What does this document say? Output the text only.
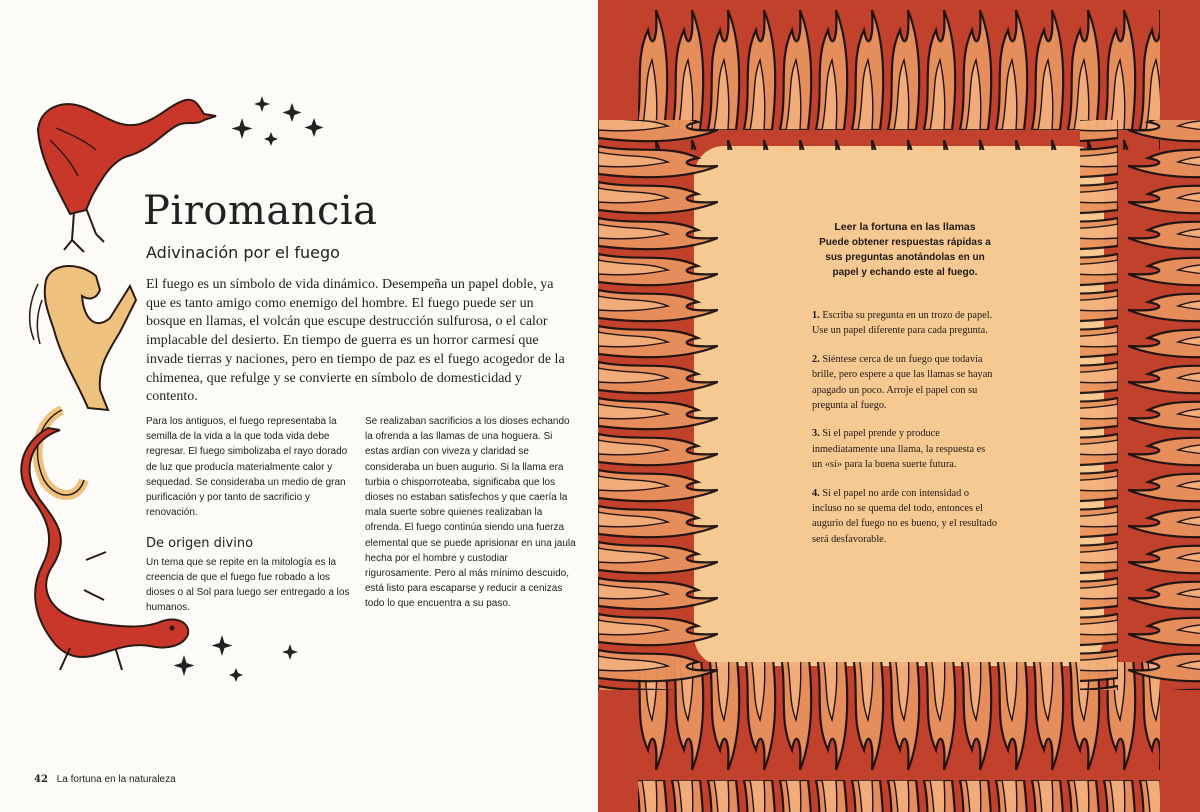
Piromancia
Adivinación por el fuego

El fuego es un símbolo de vida dinámico. Desempeña un papel doble, ya que es tanto amigo como enemigo del hombre. El fuego puede ser un bosque en llamas, el volcán que escupe destrucción sulfurosa, o el calor implacable del desierto. En tiempo de guerra es un horror carmesí que invade tierras y naciones, pero en tiempo de paz es el fuego acogedor de la chimenea, que refulge y se convierte en símbolo de domesticidad y contento.

Para los antiguos, el fuego representaba la semilla de la vida a la que toda vida debe regresar. El fuego simbolizaba el rayo dorado de luz que producía materialmente calor y sequedad. Se consideraba un medio de gran purificación y por tanto de sacrificio y renovación.

De origen divino

Un tema que se repite en la mitología es la creencia de que el fuego fue robado a los dioses o al Sol para luego ser entregado a los humanos.

Se realizaban sacrificios a los dioses echando la ofrenda a las llamas de una hoguera. Si estas ardían con viveza y claridad se consideraba un buen augurio. Si la llama era turbia o chisporroteaba, significaba que los dioses no estaban satisfechos y que caería la mala suerte sobre quienes realizaban la ofrenda. El fuego continúa siendo una fuerza elemental que se puede aprisionar en una jaula hecha por el hombre y custodiar rigurosamente. Pero al más mínimo descuido, está listo para escaparse y reducir a cenizas todo lo que encuentra a su paso.

42 La fortuna en la naturaleza

Leer la fortuna en las llamas

Puede obtener respuestas rápidas a sus preguntas anotándolas en un papel y echando este al fuego.

1. Escriba su pregunta en un trozo de papel. Use un papel diferente para cada pregunta.

2. Siéntese cerca de un fuego que todavía brille, pero espere a que las llamas se hayan apagado un poco. Arroje el papel con su pregunta al fuego.

3. Si el papel prende y produce inmediatamente una llama, la respuesta es un «sí» para la buena suerte futura.

4. Si el papel no arde con intensidad o incluso no se quema del todo, entonces el augurio del fuego no es bueno, y el resultado será desfavorable.
